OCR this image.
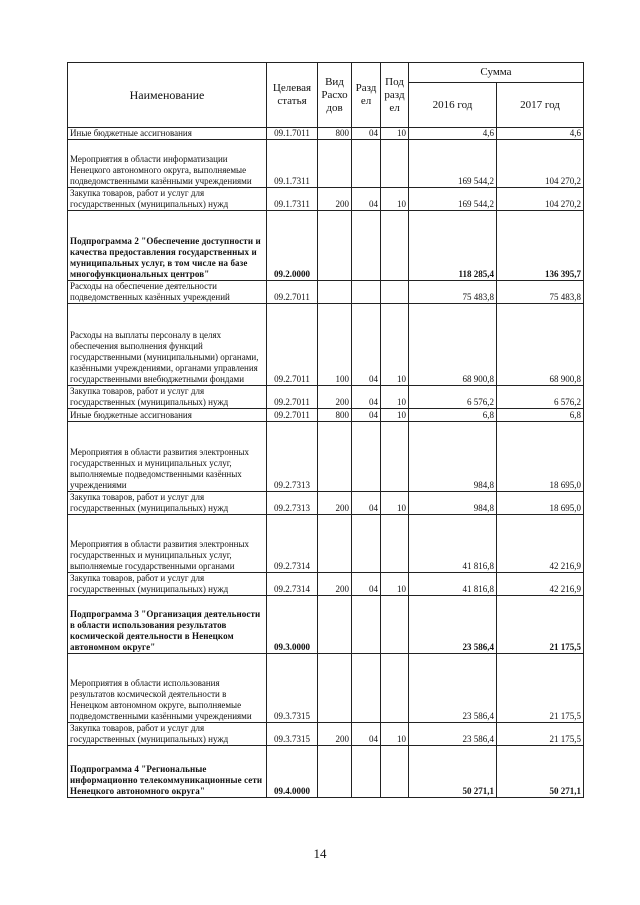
Наименование	Целевая статья	Вид Расхо дов	Разд ел	Под разд ел	Сумма	
					2016 год	2017 год
Иные бюджетные ассигнования	09.1.7011	800	04	10	4,6	4,6
Мероприятия в области информатизации Ненецкого автономного округа, выполняемые подведомственными казёнными учреждениями	09.1.7311				169 544,2	104 270,2
Закупка товаров, работ и услуг для государственных (муниципальных) нужд	09.1.7311	200	04	10	169 544,2	104 270,2
Подпрограмма 2 "Обеспечение доступности и качества предоставления государственных и муниципальных услуг, в том числе на базе многофункциональных центров"	09.2.0000				118 285,4	136 395,7
Расходы на обеспечение деятельности подведомственных казённых учреждений	09.2.7011				75 483,8	75 483,8
Расходы на выплаты персоналу в целях обеспечения выполнения функций государственными (муниципальными) органами, казёнными учреждениями, органами управления государственными внебюджетными фондами	09.2.7011	100	04	10	68 900,8	68 900,8
Закупка товаров, работ и услуг для государственных (муниципальных) нужд	09.2.7011	200	04	10	6 576,2	6 576,2
Иные бюджетные ассигнования	09.2.7011	800	04	10	6,8	6,8
Мероприятия в области развития электронных государственных и муниципальных услуг, выполняемые подведомственными казённых учреждениями	09.2.7313				984,8	18 695,0
Закупка товаров, работ и услуг для государственных (муниципальных) нужд	09.2.7313	200	04	10	984,8	18 695,0
Мероприятия в области развития электронных государственных и муниципальных услуг, выполняемые государственными органами	09.2.7314				41 816,8	42 216,9
Закупка товаров, работ и услуг для государственных (муниципальных) нужд	09.2.7314	200	04	10	41 816,8	42 216,9
Подпрограмма 3 "Организация деятельности в области использования результатов космической деятельности в Ненецком автономном округе"	09.3.0000				23 586,4	21 175,5
Мероприятия в области использования результатов космической деятельности в Ненецком автономном округе, выполняемые подведомственными казёнными учреждениями	09.3.7315				23 586,4	21 175,5
Закупка товаров, работ и услуг для государственных (муниципальных) нужд	09.3.7315	200	04	10	23 586,4	21 175,5
Подпрограмма 4 "Региональные информационно телекоммуникационные сети Ненецкого автономного округа"	09.4.0000				50 271,1	50 271,1
14
